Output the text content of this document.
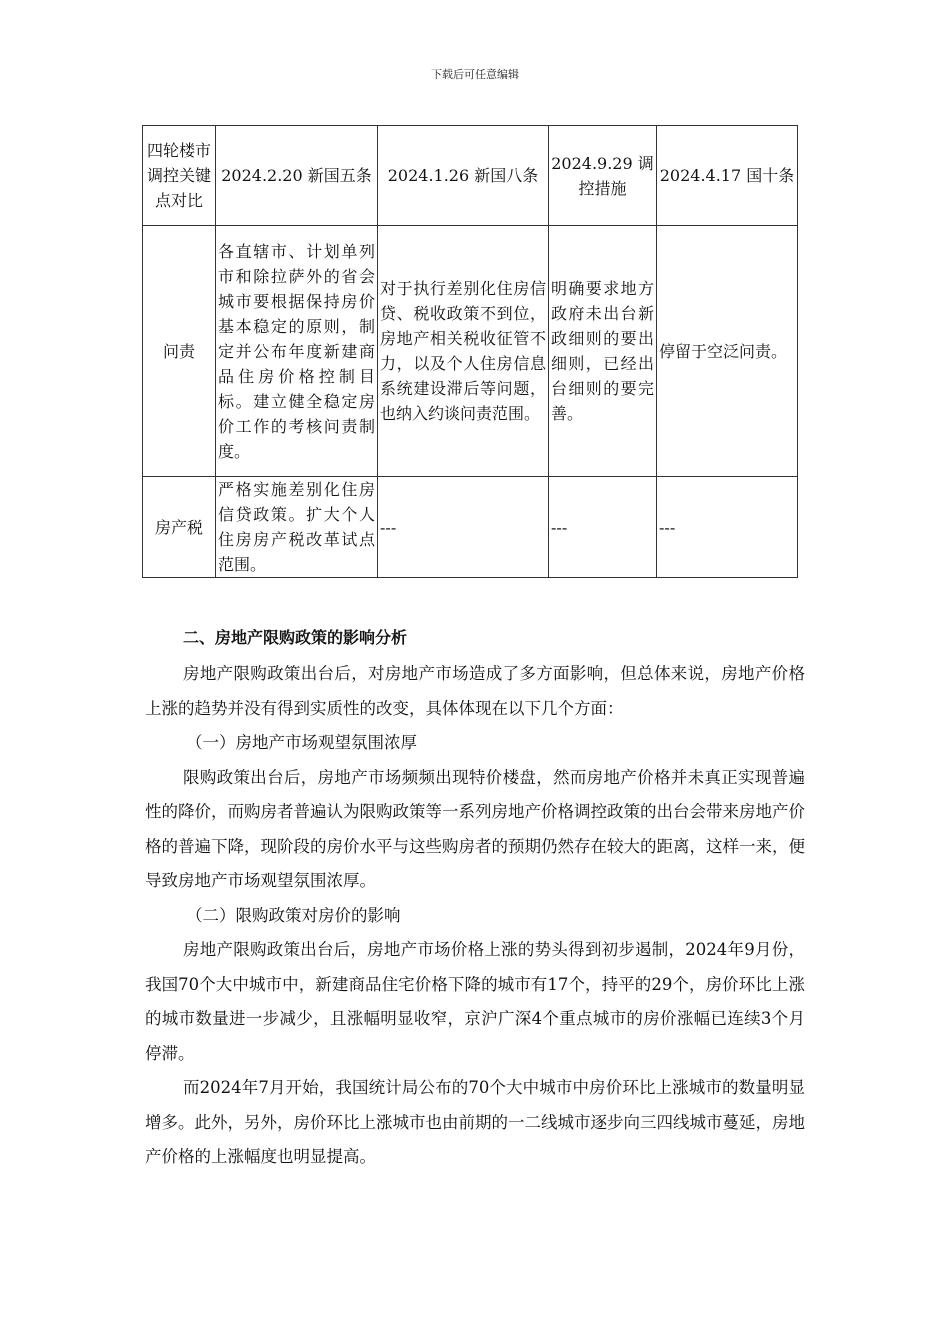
下载后可任意编辑
四轮楼市调控关键点对比	2024.2.20 新国五条	2024.1.26 新国八条	2024.9.29 调控措施	2024.4.17 国十条
问责	各直辖市、计划单列市和除拉萨外的省会城市要根据保持房价基本稳定的原则，制定并公布年度新建商品住房价格控制目标。建立健全稳定房价工作的考核问责制度。	对于执行差别化住房信贷、税收政策不到位，房地产相关税收征管不力，以及个人住房信息系统建设滞后等问题，也纳入约谈问责范围。	明确要求地方政府未出台新政细则的要出细则，已经出台细则的要完善。	停留于空泛问责。
房产税	严格实施差别化住房信贷政策。扩大个人住房房产税改革试点范围。	---	---	---
二、房地产限购政策的影响分析

房地产限购政策出台后，对房地产市场造成了多方面影响，但总体来说，房地产价格上涨的趋势并没有得到实质性的改变，具体体现在以下几个方面：

（一）房地产市场观望氛围浓厚

限购政策出台后，房地产市场频频出现特价楼盘，然而房地产价格并未真正实现普遍性的降价，而购房者普遍认为限购政策等一系列房地产价格调控政策的出台会带来房地产价格的普遍下降，现阶段的房价水平与这些购房者的预期仍然存在较大的距离，这样一来，便导致房地产市场观望氛围浓厚。

（二）限购政策对房价的影响

房地产限购政策出台后，房地产市场价格上涨的势头得到初步遏制，2024年9月份，我国70个大中城市中，新建商品住宅价格下降的城市有17个，持平的29个，房价环比上涨的城市数量进一步减少，且涨幅明显收窄，京沪广深4个重点城市的房价涨幅已连续3个月停滞。

而2024年7月开始，我国统计局公布的70个大中城市中房价环比上涨城市的数量明显增多。此外，另外，房价环比上涨城市也由前期的一二线城市逐步向三四线城市蔓延，房地产价格的上涨幅度也明显提高。
